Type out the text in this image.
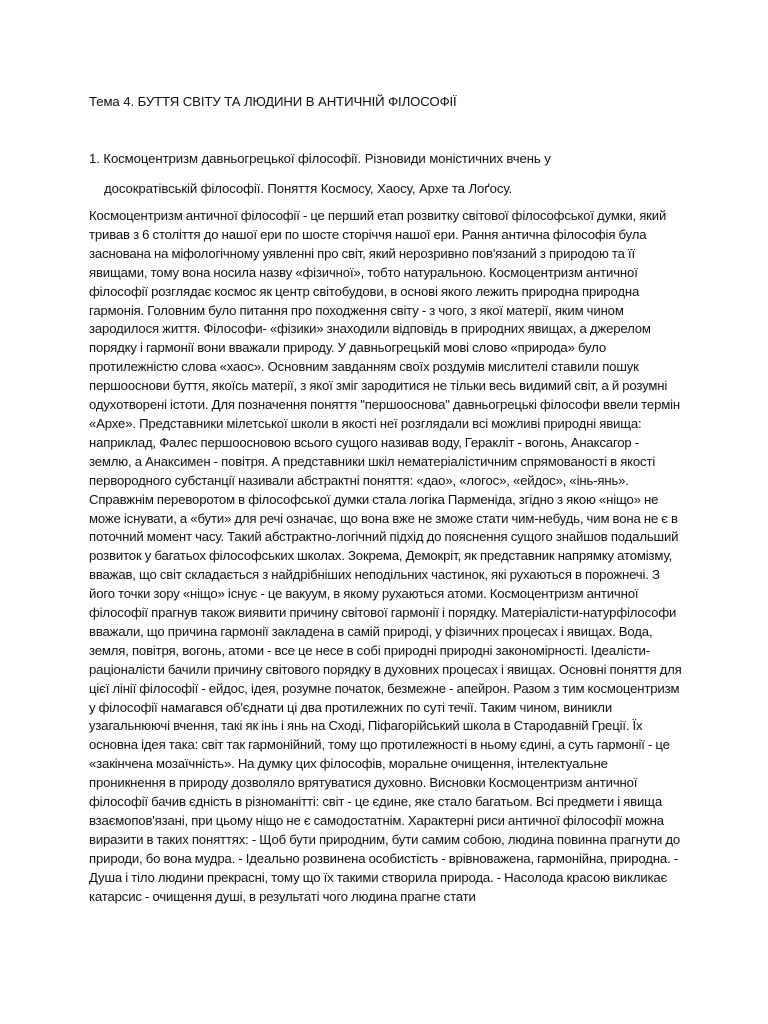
Тема 4. БУТТЯ СВІТУ ТА ЛЮДИНИ В АНТИЧНІЙ ФІЛОСОФІЇ
1. Космоцентризм давньогрецької філософії. Різновиди моністичних вчень у
досократівській філософії. Поняття Космосу, Хаосу, Архе та Лоґосу.

Космоцентризм античної філософії - це перший етап розвитку світової філософської думки, який тривав з 6 століття до нашої ери по шосте сторіччя нашої ери. Рання антична філософія була заснована на міфологічному уявленні про світ, який нерозривно пов'язаний з природою та її явищами, тому вона носила назву «фізичної», тобто натуральною. Космоцентризм античної філософії розглядає космос як центр світобудови, в основі якого лежить природна природна гармонія. Головним було питання про походження світу - з чого, з якої матерії, яким чином зародилося життя. Філософи- «фізики» знаходили відповідь в природних явищах, а джерелом порядку і гармонії вони вважали природу. У давньогрецькій мові слово «природа» було протилежністю слова «хаос». Основним завданням своїх роздумів мислителі ставили пошук першооснови буття, якоїсь матерії, з якої зміг зародитися не тільки весь видимий світ, а й розумні одухотворені істоти. Для позначення поняття "першооснова" давньогрецькі філософи ввели термін «Архе». Представники мілетської школи в якості неї розглядали всі можливі природні явища: наприклад, Фалес першоосновою всього сущого називав воду, Геракліт - вогонь, Анаксагор - землю, а Анаксимен - повітря. А представники шкіл нематеріалістичним спрямованості в якості первородного субстанції називали абстрактні поняття: «дао», «логос», «ейдос», «інь-янь». Справжнім переворотом в філософської думки стала логіка Парменіда, згідно з якою «ніщо» не може існувати, а «бути» для речі означає, що вона вже не зможе стати чим-небудь, чим вона не є в поточний момент часу. Такий абстрактно-логічний підхід до пояснення сущого знайшов подальший розвиток у багатьох філософських школах. Зокрема, Демокріт, як представник напрямку атомізму, вважав, що світ складається з найдрібніших неподільних частинок, які рухаються в порожнечі. З його точки зору «ніщо» існує - це вакуум, в якому рухаються атоми. Космоцентризм античної філософії прагнув також виявити причину світової гармонії і порядку. Матеріалісти-натурфілософи вважали, що причина гармонії закладена в самій природі, у фізичних процесах і явищах. Вода, земля, повітря, вогонь, атоми - все це несе в собі природні природні закономірності. Ідеалісти-раціоналісти бачили причину світового порядку в духовних процесах і явищах. Основні поняття для цієї лінії філософії - ейдос, ідея, розумне початок, безмежне - апейрон. Разом з тим космоцентризм у філософії намагався об'єднати ці два протилежних по суті течії. Таким чином, виникли узагальнюючі вчення, такі як інь і янь на Сході, Піфагорійський школа в Стародавній Греції. Їх основна ідея така: світ так гармонійний, тому що протилежності в ньому єдині, а суть гармонії - це «закінчена мозаїчність». На думку цих філософів, моральне очищення, інтелектуальне проникнення в природу дозволяло врятуватися духовно. Висновки Космоцентризм античної філософії бачив єдність в різноманітті: світ - це єдине, яке стало багатьом. Всі предмети і явища взаємопов'язані, при цьому ніщо не є самодостатнім. Характерні риси античної філософії можна виразити в таких поняттях: - Щоб бути природним, бути самим собою, людина повинна прагнути до природи, бо вона мудра. - Ідеально розвинена особистість - врівноважена, гармонійна, природна. - Душа і тіло людини прекрасні, тому що їх такими створила природа. - Насолода красою викликає катарсис - очищення душі, в результаті чого людина прагне стати
